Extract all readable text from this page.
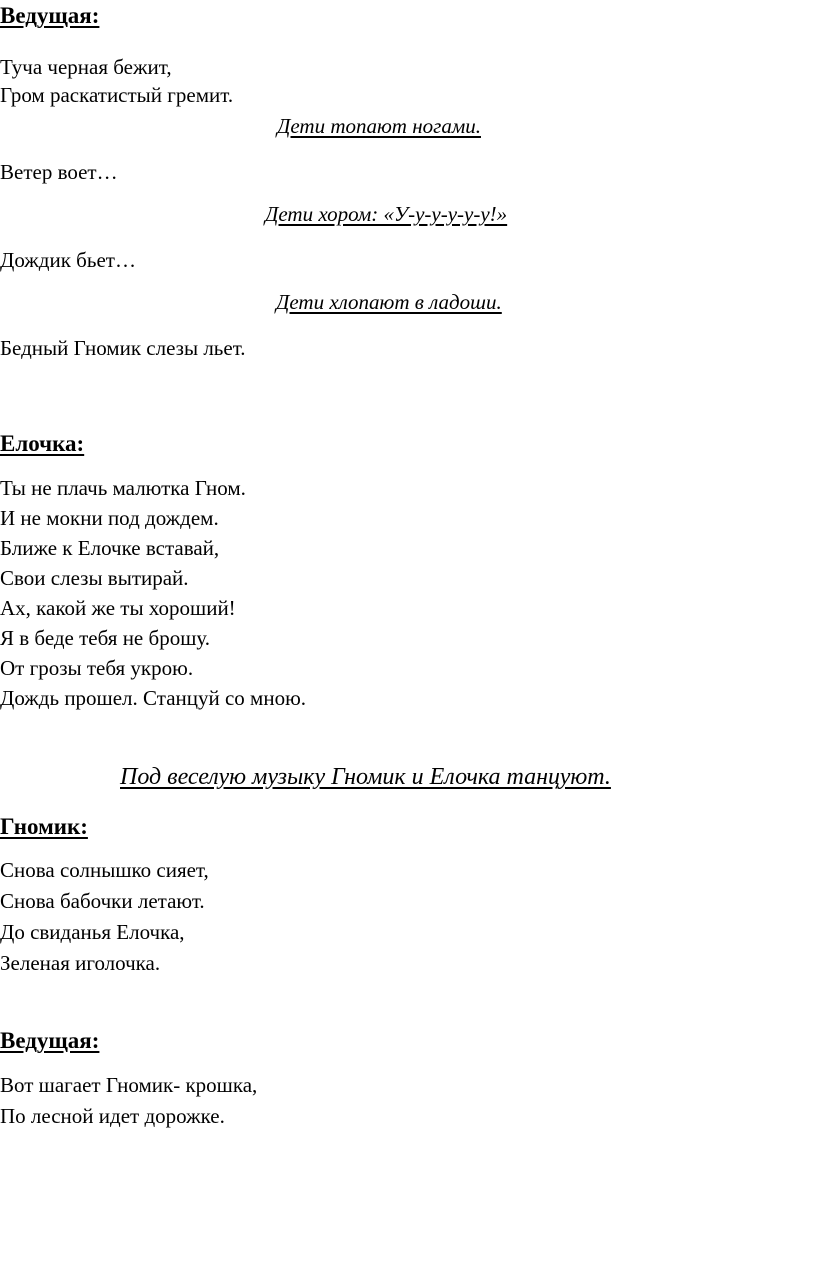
Ведущая:
Туча черная бежит,
Гром раскатистый гремит.
Дети топают ногами.
Ветер воет…
Дети хором: «У-у-у-у-у-у!»
Дождик бьет…
Дети хлопают в ладоши.
Бедный Гномик слезы льет.
Елочка:
Ты не плачь малютка Гном.
И не мокни под дождем.
Ближе к Елочке вставай,
Свои слезы вытирай.
Ах, какой же ты хороший!
Я в беде тебя не брошу.
От грозы тебя укрою.
Дождь прошел. Станцуй со мною.
Под веселую музыку Гномик и Елочка танцуют.
Гномик:
Снова солнышко сияет,
Снова бабочки летают.
До свиданья Елочка,
Зеленая иголочка.
Ведущая:
Вот шагает Гномик- крошка,
По лесной идет дорожке.
